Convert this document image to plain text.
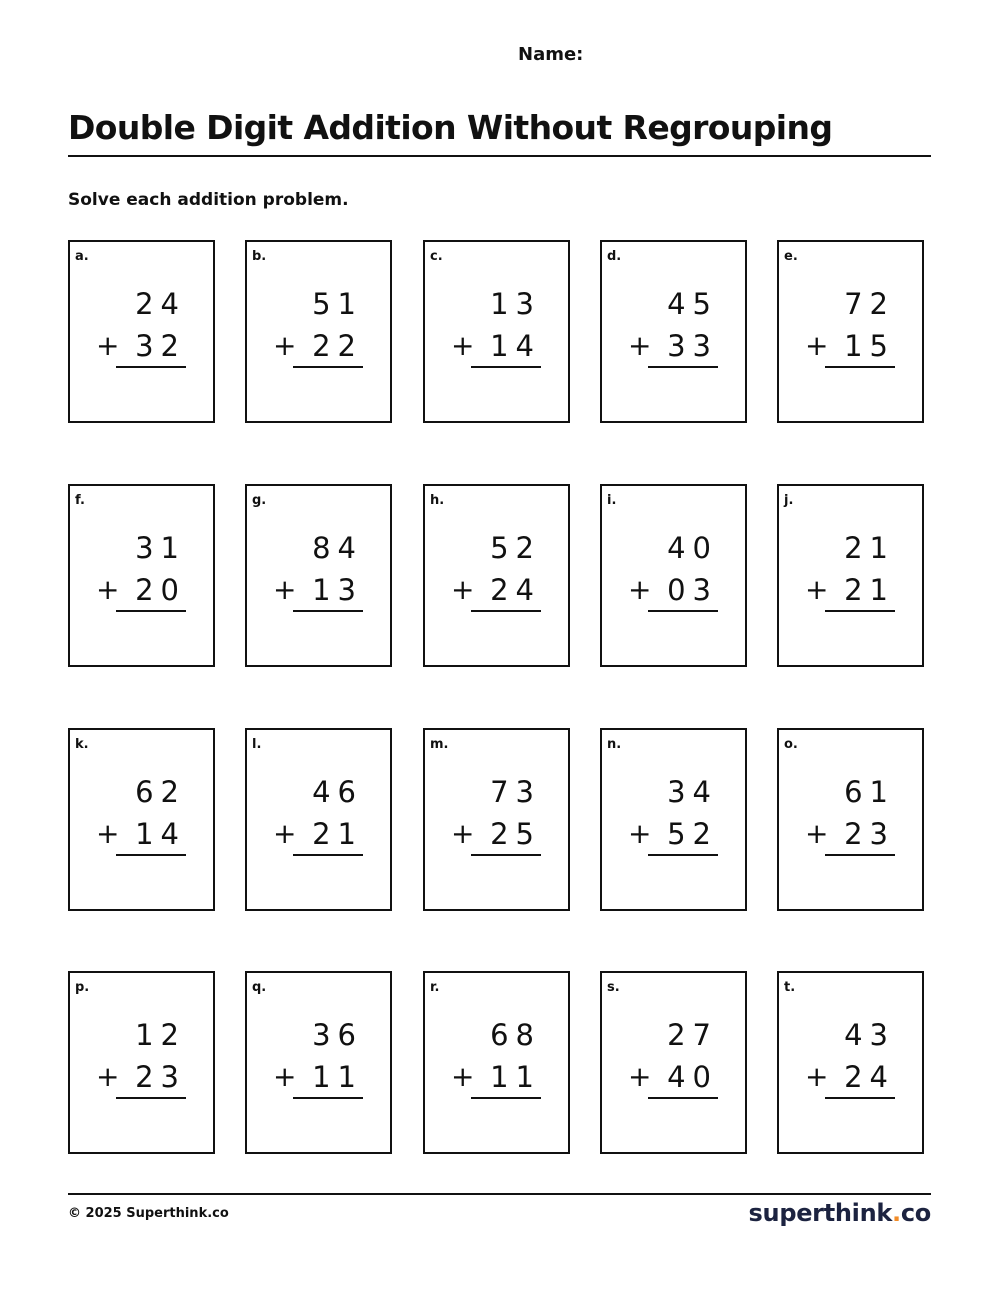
Name:
Double Digit Addition Without Regrouping
Solve each addition problem.
a.
24
+ 32
b.
51
+ 22
c.
13
+ 14
d.
45
+ 33
e.
72
+ 15
f.
31
+ 20
g.
84
+ 13
h.
52
+ 24
i.
40
+ 03
j.
21
+ 21
k.
62
+ 14
l.
46
+ 21
m.
73
+ 25
n.
34
+ 52
o.
61
+ 23
p.
12
+ 23
q.
36
+ 11
r.
68
+ 11
s.
27
+ 40
t.
43
+ 24
© 2025 Superthink.co	superthink.co
